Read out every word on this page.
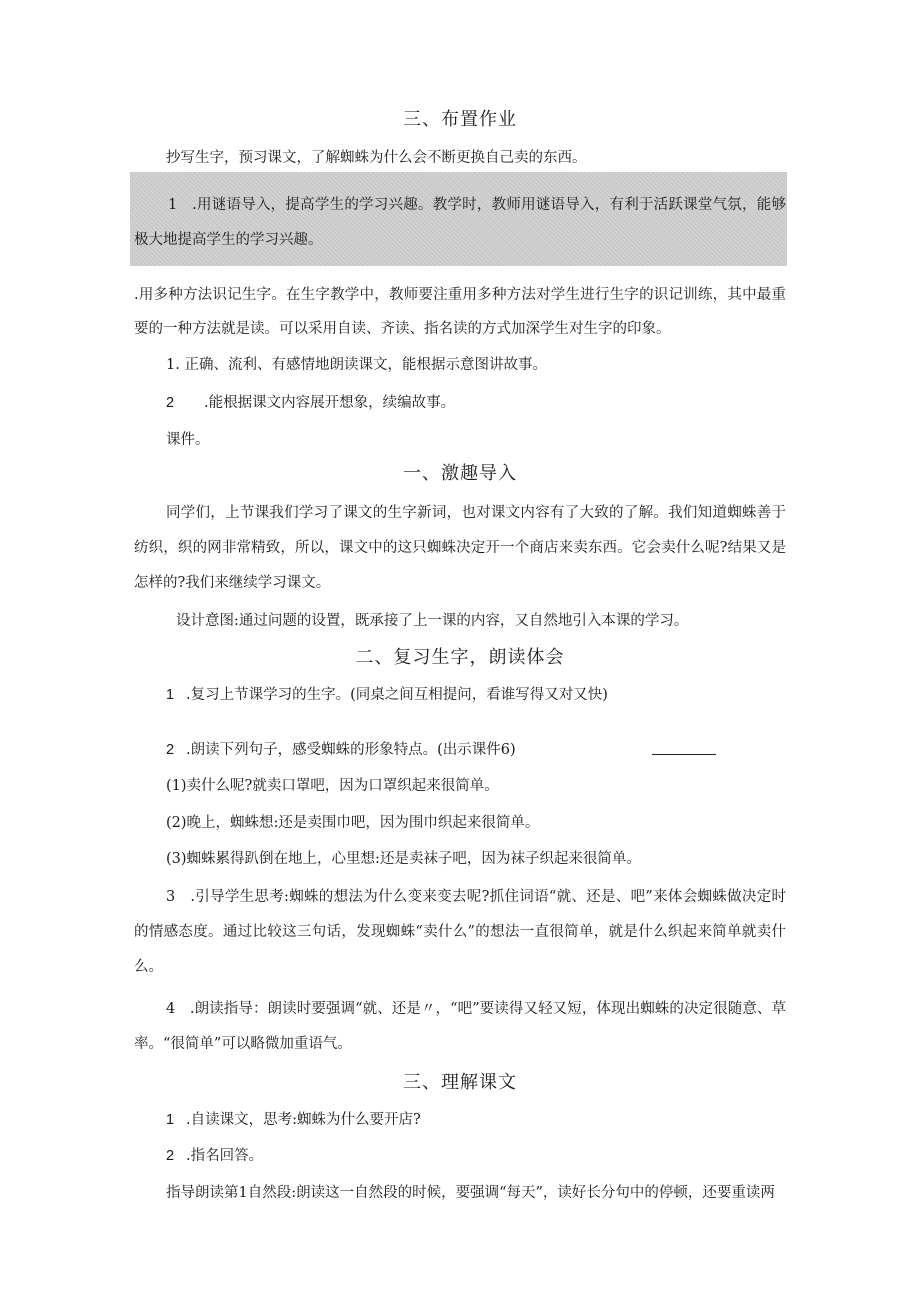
三、布置作业
抄写生字，预习课文，了解蜘蛛为什么会不断更换自己卖的东西。
1　.用谜语导入，提高学生的学习兴趣。教学时，教师用谜语导入，有利于活跃课堂气氛，能够极大地提高学生的学习兴趣。
.用多种方法识记生字。在生字教学中，教师要注重用多种方法对学生进行生字的识记训练，其中最重要的一种方法就是读。可以采用自读、齐读、指名读的方式加深学生对生字的印象。
1. 正确、流利、有感情地朗读课文，能根据示意图讲故事。
2 .能根据课文内容展开想象，续编故事。
课件。
一、激趣导入
同学们，上节课我们学习了课文的生字新词，也对课文内容有了大致的了解。我们知道蜘蛛善于纺织，织的网非常精致，所以，课文中的这只蜘蛛决定开一个商店来卖东西。它会卖什么呢?结果又是怎样的?我们来继续学习课文。
设计意图:通过问题的设置，既承接了上一课的内容，又自然地引入本课的学习。
二、复习生字，朗读体会
1 .复习上节课学习的生字。(同桌之间互相提问，看谁写得又对又快)
2 .朗读下列句子，感受蜘蛛的形象特点。(出示课件6)
(1)卖什么呢?就卖口罩吧，因为口罩织起来很简单。
(2)晚上，蜘蛛想:还是卖围巾吧，因为围巾织起来很简单。
(3)蜘蛛累得趴倒在地上，心里想:还是卖袜子吧，因为袜子织起来很简单。
3　.引导学生思考:蜘蛛的想法为什么变来变去呢?抓住词语“就、还是、吧”来体会蜘蛛做决定时的情感态度。通过比较这三句话，发现蜘蛛“卖什么”的想法一直很简单，就是什么织起来简单就卖什么。
4　.朗读指导：朗读时要强调“就、还是〃，“吧”要读得又轻又短，体现出蜘蛛的决定很随意、草率。“很简单”可以略微加重语气。
三、理解课文
1 .自读课文，思考:蜘蛛为什么要开店?
2 .指名回答。
指导朗读第1自然段:朗读这一自然段的时候，要强调“每天”，读好长分句中的停顿，还要重读两
